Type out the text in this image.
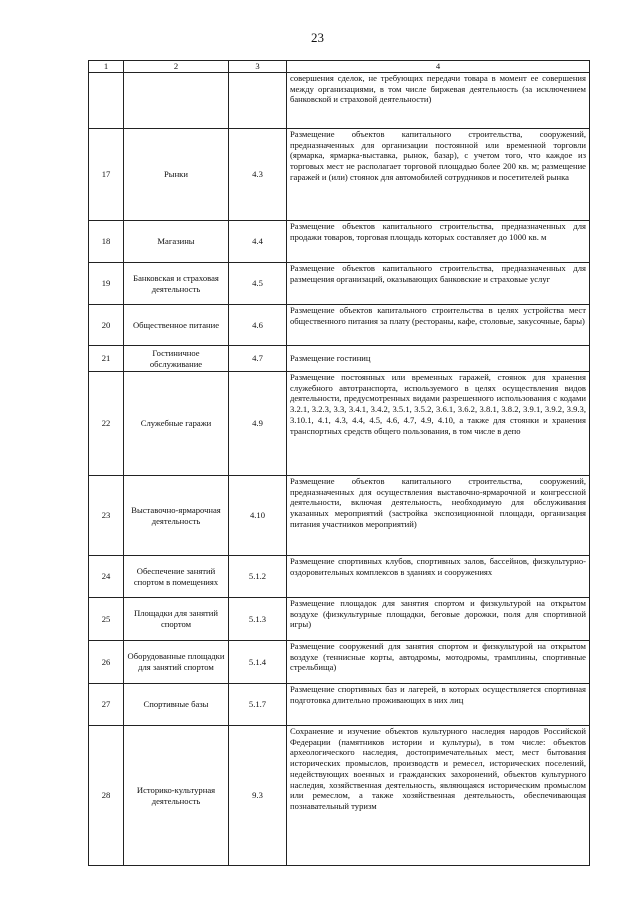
23
1	2	3	4
			совершения сделок, не требующих передачи товара в момент ее совершения между организациями, в том числе биржевая деятельность (за исключением банковской и страховой деятельности)
17	Рынки	4.3	Размещение объектов капитального строительства, сооружений, предназначенных для организации постоянной или временной торговли (ярмарка, ярмарка-выставка, рынок, базар), с учетом того, что каждое из торговых мест не располагает торговой площадью более 200 кв. м; размещение гаражей и (или) стоянок для автомобилей сотрудников и посетителей рынка
18	Магазины	4.4	Размещение объектов капитального строительства, предназначенных для продажи товаров, торговая площадь которых составляет до 1000 кв. м
19	Банковская и страховая деятельность	4.5	Размещение объектов капитального строительства, предназначенных для размещения организаций, оказывающих банковские и страховые услуг
20	Общественное питание	4.6	Размещение объектов капитального строительства в целях устройства мест общественного питания за плату (рестораны, кафе, столовые, закусочные, бары)
21	Гостиничное обслуживание	4.7	Размещение гостиниц
22	Служебные гаражи	4.9	Размещение постоянных или временных гаражей, стоянок для хранения служебного автотранспорта, используемого в целях осуществления видов деятельности, предусмотренных видами разрешенного использования с кодами 3.2.1, 3.2.3, 3.3, 3.4.1, 3.4.2, 3.5.1, 3.5.2, 3.6.1, 3.6.2, 3.8.1, 3.8.2, 3.9.1, 3.9.2, 3.9.3, 3.10.1, 4.1, 4.3, 4.4, 4.5, 4.6, 4.7, 4.9, 4.10, а также для стоянки и хранения транспортных средств общего пользования, в том числе в депо
23	Выставочно-ярмарочная деятельность	4.10	Размещение объектов капитального строительства, сооружений, предназначенных для осуществления выставочно-ярмарочной и конгрессной деятельности, включая деятельность, необходимую для обслуживания указанных мероприятий (застройка экспозиционной площади, организация питания участников мероприятий)
24	Обеспечение занятий спортом в помещениях	5.1.2	Размещение спортивных клубов, спортивных залов, бассейнов, физкультурно-оздоровительных комплексов в зданиях и сооружениях
25	Площадки для занятий спортом	5.1.3	Размещение площадок для занятия спортом и физкультурой на открытом воздухе (физкультурные площадки, беговые дорожки, поля для спортивной игры)
26	Оборудованные площадки для занятий спортом	5.1.4	Размещение сооружений для занятия спортом и физкультурой на открытом воздухе (теннисные корты, автодромы, мотодромы, трамплины, спортивные стрельбища)
27	Спортивные базы	5.1.7	Размещение спортивных баз и лагерей, в которых осуществляется спортивная подготовка длительно проживающих в них лиц
28	Историко-культурная деятельность	9.3	Сохранение и изучение объектов культурного наследия народов Российской Федерации (памятников истории и культуры), в том числе: объектов археологического наследия, достопримечательных мест, мест бытования исторических промыслов, производств и ремесел, исторических поселений, недействующих военных и гражданских захоронений, объектов культурного наследия, хозяйственная деятельность, являющаяся историческим промыслом или ремеслом, а также хозяйственная деятельность, обеспечивающая познавательный туризм
